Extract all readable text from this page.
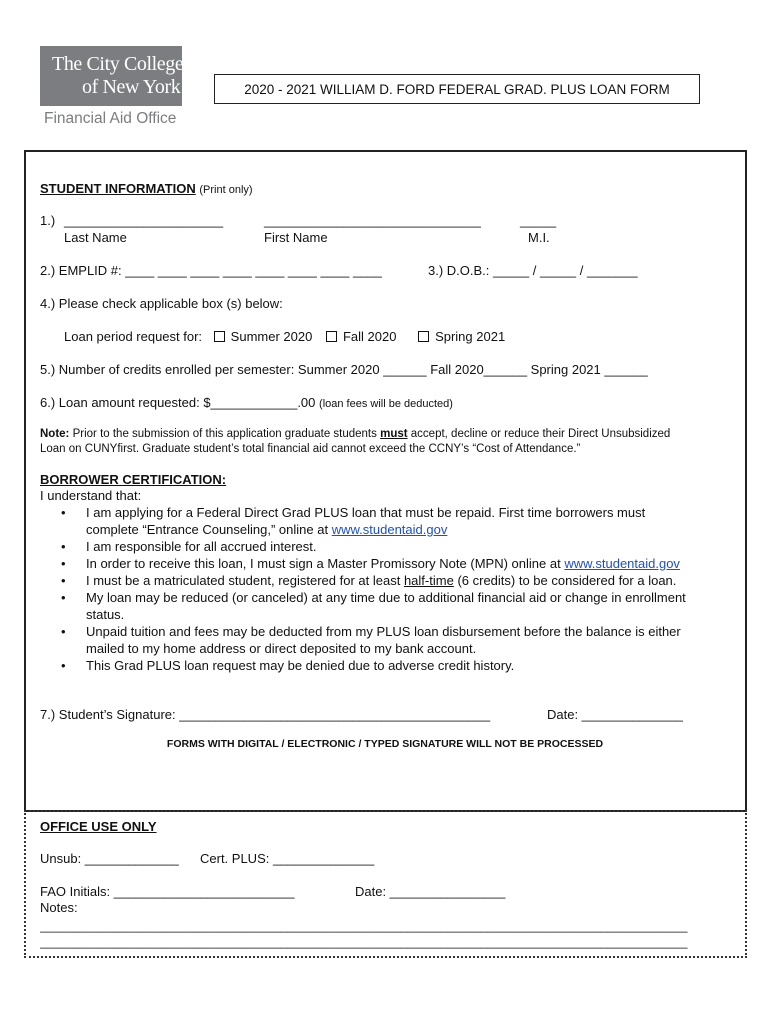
The City College
of New York
Financial Aid Office
2020 - 2021 WILLIAM D. FORD FEDERAL GRAD. PLUS LOAN FORM
STUDENT INFORMATION (Print only)
1.) ______________________	______________________________	_____
Last Name	First Name	M.I.
2.) EMPLID #: ____ ____ ____ ____ ____ ____ ____ ____	3.) D.O.B.: _____ / _____ / _______
4.) Please check applicable box (s) below:
Loan period request for: Summer 2020 Fall 2020	Spring 2021
5.) Number of credits enrolled per semester: Summer 2020 ______ Fall 2020______ Spring 2021 ______
6.) Loan amount requested: $____________.00 (loan fees will be deducted)
Note: Prior to the submission of this application graduate students must accept, decline or reduce their Direct Unsubsidized
Loan on CUNYfirst. Graduate student’s total financial aid cannot exceed the CCNY’s “Cost of Attendance.”
BORROWER CERTIFICATION:
I understand that:
• I am applying for a Federal Direct Grad PLUS loan that must be repaid. First time borrowers must
complete “Entrance Counseling,” online at www.studentaid.gov
• I am responsible for all accrued interest.
• In order to receive this loan, I must sign a Master Promissory Note (MPN) online at www.studentaid.gov
• I must be a matriculated student, registered for at least half-time (6 credits) to be considered for a loan.
• My loan may be reduced (or canceled) at any time due to additional financial aid or change in enrollment
status.
• Unpaid tuition and fees may be deducted from my PLUS loan disbursement before the balance is either
mailed to my home address or direct deposited to my bank account.
• This Grad PLUS loan request may be denied due to adverse credit history.
7.) Student’s Signature: ___________________________________________	Date: ______________
FORMS WITH DIGITAL / ELECTRONIC / TYPED SIGNATURE WILL NOT BE PROCESSED
OFFICE USE ONLY
Unsub: _____________ Cert. PLUS: ______________
FAO Initials: _________________________	Date: ________________
Notes:
_________________________________________________________________________________________________
_________________________________________________________________________________________________
